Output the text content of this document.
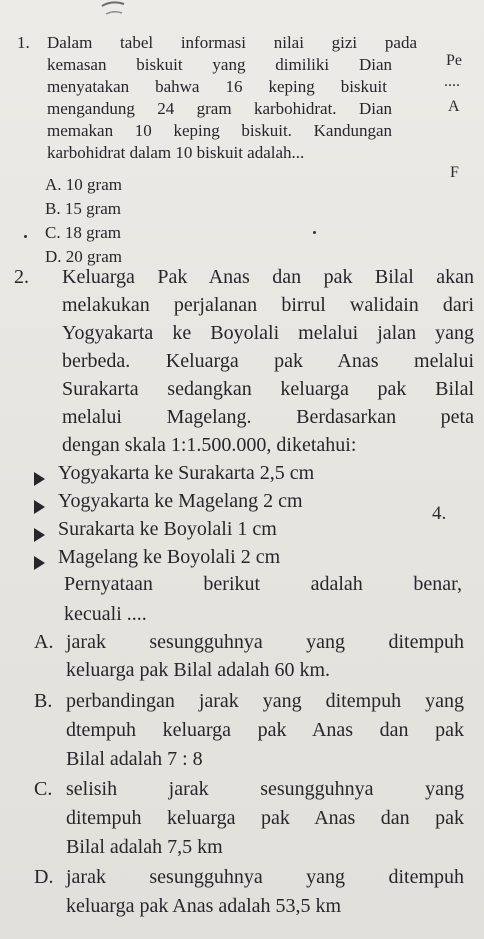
1. Dalam tabel informasi nilai gizi pada
kemasan biskuit yang dimiliki Dian
menyatakan bahwa 16 keping biskuit
mengandung 24 gram karbohidrat. Dian
memakan 10 keping biskuit. Kandungan
karbohidrat dalam 10 biskuit adalah...
A. 10 gram
B. 15 gram
C. 18 gram
D. 20 gram
Pe
....
A
F
2. Keluarga Pak Anas dan pak Bilal akan
melakukan perjalanan birrul walidain dari
Yogyakarta ke Boyolali melalui jalan yang
berbeda. Keluarga pak Anas melalui
Surakarta sedangkan keluarga pak Bilal
melalui Magelang. Berdasarkan peta
dengan skala 1:1.500.000, diketahui:
Yogyakarta ke Surakarta 2,5 cm
Yogyakarta ke Magelang 2 cm
Surakarta ke Boyolali 1 cm
Magelang ke Boyolali 2 cm
4.
Pernyataan berikut adalah benar,
kecuali ....
A. jarak sesungguhnya yang ditempuh
keluarga pak Bilal adalah 60 km.
B. perbandingan jarak yang ditempuh yang
dtempuh keluarga pak Anas dan pak
Bilal adalah 7 : 8
C. selisih jarak sesungguhnya yang
ditempuh keluarga pak Anas dan pak
Bilal adalah 7,5 km
D. jarak sesungguhnya yang ditempuh
keluarga pak Anas adalah 53,5 km
